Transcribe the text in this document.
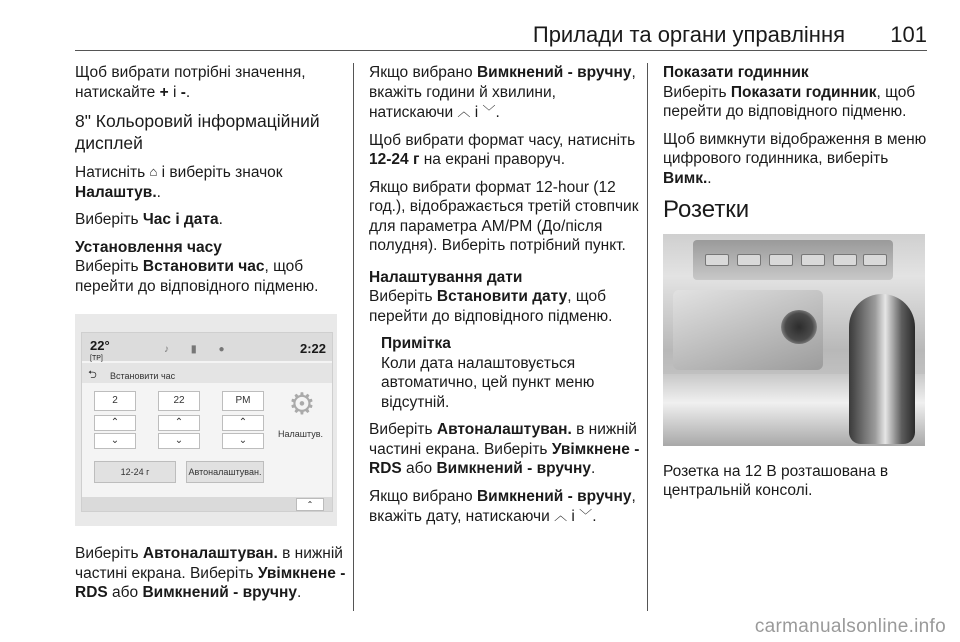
Прилади та органи управління 101

Щоб вибрати потрібні значення, натискайте + і -.

8" Кольоровий інформаційний дисплей

Натисніть ⌂ і виберіть значок Налаштув..

Виберіть Час і дата.

Установлення часу

Виберіть Встановити час, щоб перейти до відповідного підменю.

22°
[TP]
♪▮●	2:22
⮌ Встановити час
2	22	PM
⌃
⌄
⌃
⌄
⌃
⌄
12-24 г	Автоналаштуван.
⚙
Налаштув.
⌃

Виберіть Автоналаштуван. в нижній частині екрана. Виберіть Увімкнене - RDS або Вимкнений - вручну.

Якщо вибрано Вимкнений - вручну, вкажіть години й хвилини, натискаючи ︿ і ﹀.

Щоб вибрати формат часу, натисніть 12-24 г на екрані праворуч.

Якщо вибрати формат 12-hour (12 год.), відображається третій стовпчик для параметра AM/PM (До/після полудня). Виберіть потрібний пункт.

Налаштування дати

Виберіть Встановити дату, щоб перейти до відповідного підменю.

Примітка

Коли дата налаштовується автоматично, цей пункт меню відсутній.

Виберіть Автоналаштуван. в нижній частині екрана. Виберіть Увімкнене - RDS або Вимкнений - вручну.

Якщо вибрано Вимкнений - вручну, вкажіть дату, натискаючи ︿ і ﹀.

Показати годинник

Виберіть Показати годинник, щоб перейти до відповідного підменю.

Щоб вимкнути відображення в меню цифрового годинника, виберіть Вимк..

Розетки

Розетка на 12 В розташована в центральній консолі.

carmanualsonline.info
